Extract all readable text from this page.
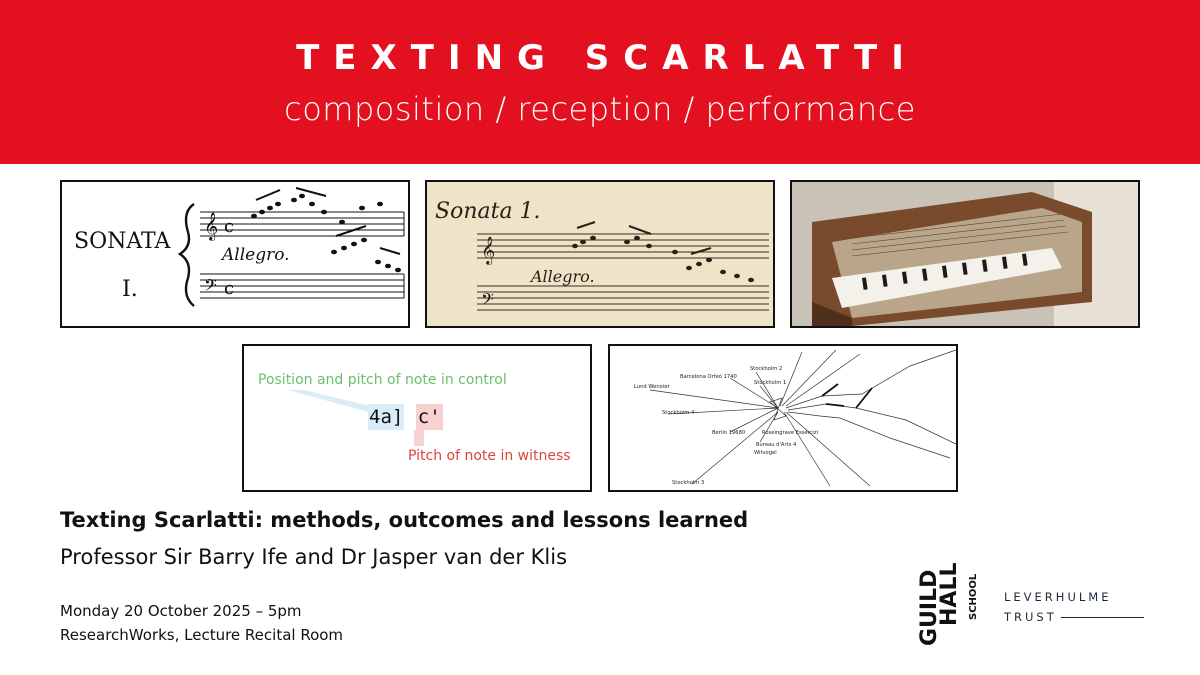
TEXTING SCARLATTI
composition / reception / performance
SONATA
I.
𝄞 c
𝄢 c
Allegro.
Sonata 1.
𝄞
𝄢
Allegro.
Position and pitch of note in control
4a] c'
Pitch of note in witness
Stockholm 2
Barcelona Orfeó 1740
Stockholm 1
Lund Wenster
Stockholm 4
Berlin 19680	Roseingrave Essercizi
Bureau d'Arts 4
Witvogel
Stockholm 3
Texting Scarlatti: methods, outcomes and lessons learned
Professor Sir Barry Ife and Dr Jasper van der Klis
Monday 20 October 2025 – 5pm
ResearchWorks, Lecture Recital Room	GUILD
HALL SCHOOL LEVERHULME
TRUST
